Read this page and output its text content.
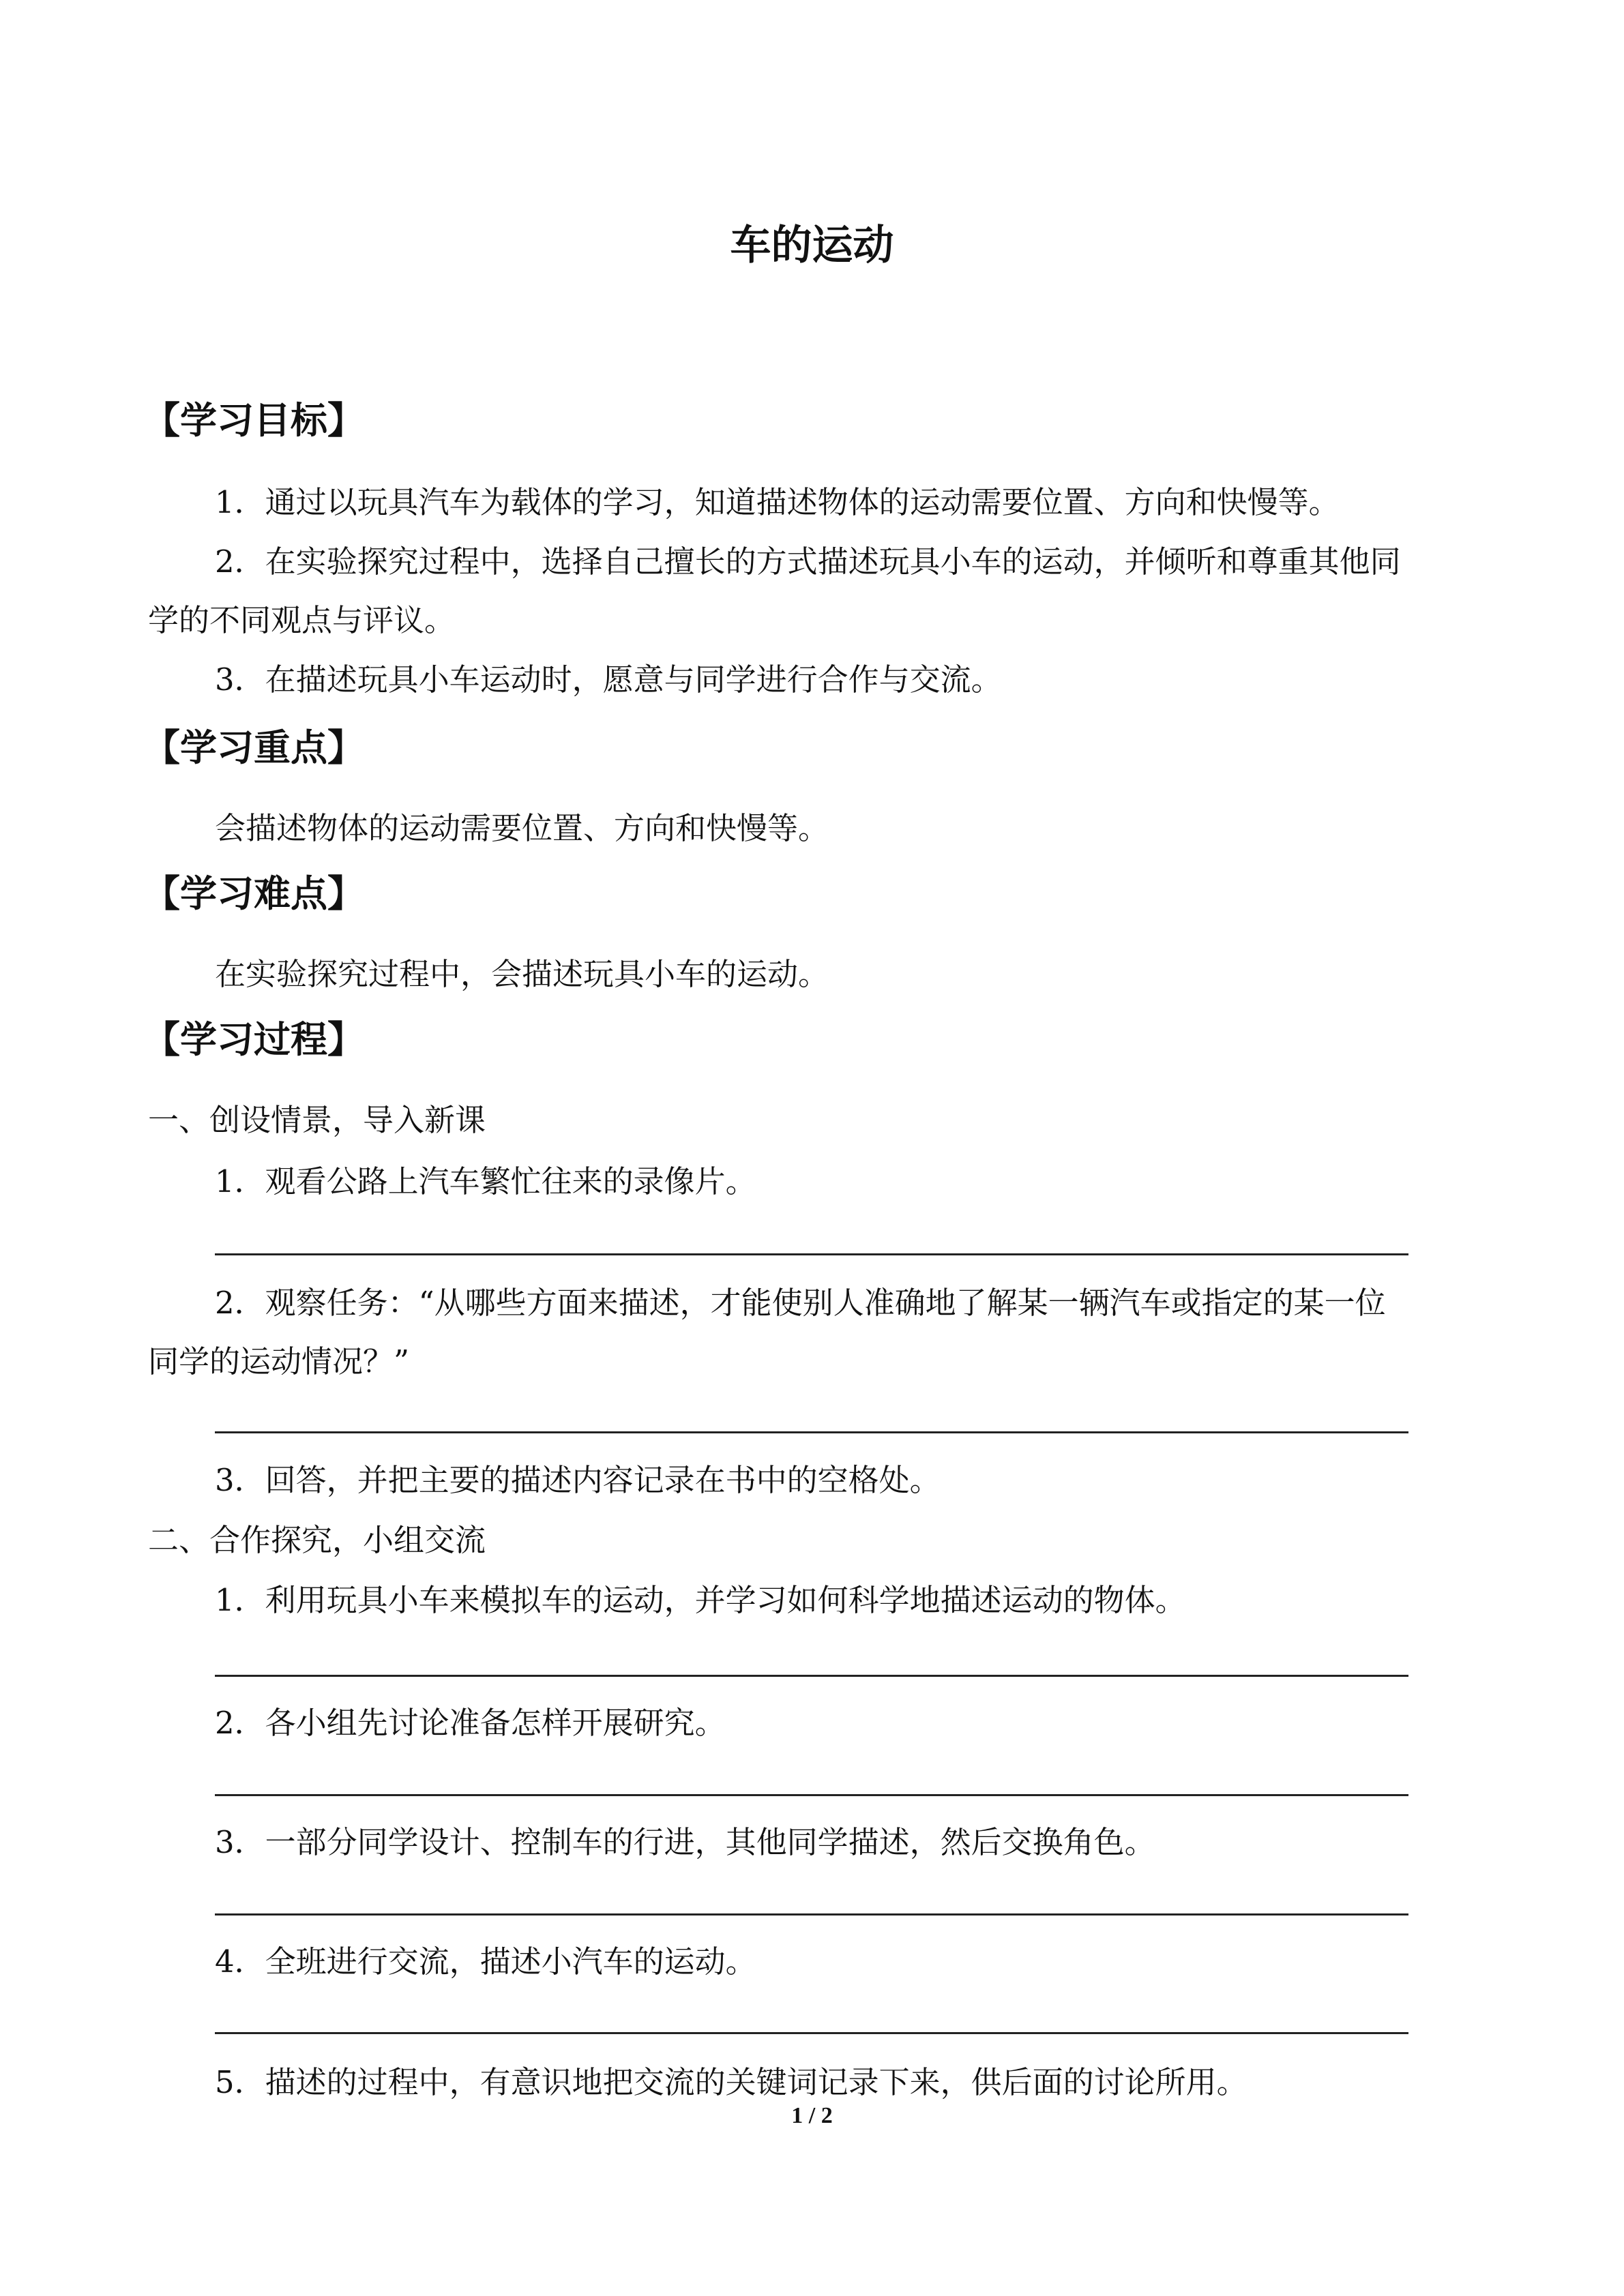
车的运动
【学习目标】
1．通过以玩具汽车为载体的学习，知道描述物体的运动需要位置、方向和快慢等。
2．在实验探究过程中，选择自己擅长的方式描述玩具小车的运动，并倾听和尊重其他同
学的不同观点与评议。
3．在描述玩具小车运动时，愿意与同学进行合作与交流。
【学习重点】
会描述物体的运动需要位置、方向和快慢等。
【学习难点】
在实验探究过程中，会描述玩具小车的运动。
【学习过程】
一、创设情景，导入新课
1．观看公路上汽车繁忙往来的录像片。
2．观察任务：“从哪些方面来描述，才能使别人准确地了解某一辆汽车或指定的某一位
同学的运动情况？”
3．回答，并把主要的描述内容记录在书中的空格处。
二、合作探究，小组交流
1．利用玩具小车来模拟车的运动，并学习如何科学地描述运动的物体。
2．各小组先讨论准备怎样开展研究。
3．一部分同学设计、控制车的行进，其他同学描述，然后交换角色。
4．全班进行交流，描述小汽车的运动。
5．描述的过程中，有意识地把交流的关键词记录下来，供后面的讨论所用。
1 / 2
